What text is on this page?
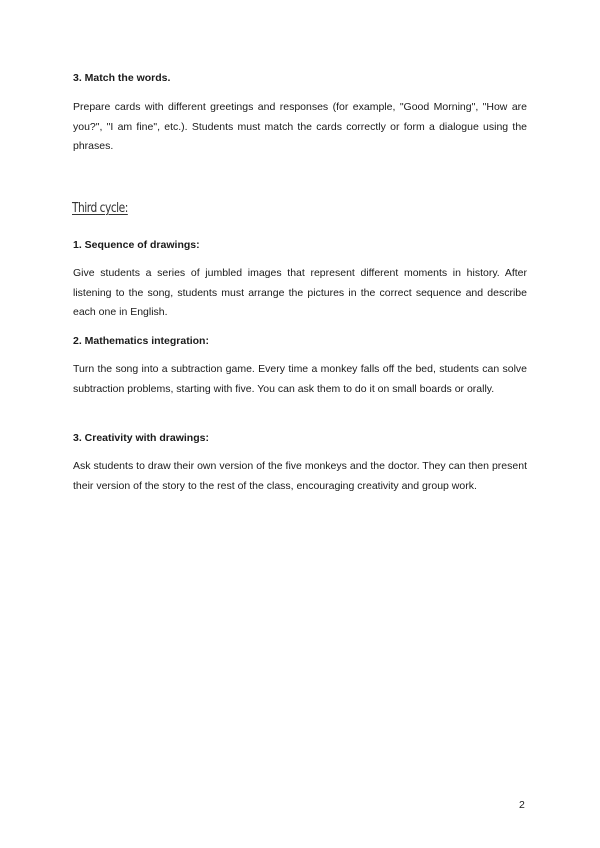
3. Match the words.

Prepare cards with different greetings and responses (for example, "Good Morning", "How are you?", "I am fine", etc.). Students must match the cards correctly or form a dialogue using the phrases.

Third cycle:

1. Sequence of drawings:

Give students a series of jumbled images that represent different moments in history. After listening to the song, students must arrange the pictures in the correct sequence and describe each one in English.

2. Mathematics integration:

Turn the song into a subtraction game. Every time a monkey falls off the bed, students can solve subtraction problems, starting with five. You can ask them to do it on small boards or orally.

3. Creativity with drawings:

Ask students to draw their own version of the five monkeys and the doctor. They can then present their version of the story to the rest of the class, encouraging creativity and group work.

2
